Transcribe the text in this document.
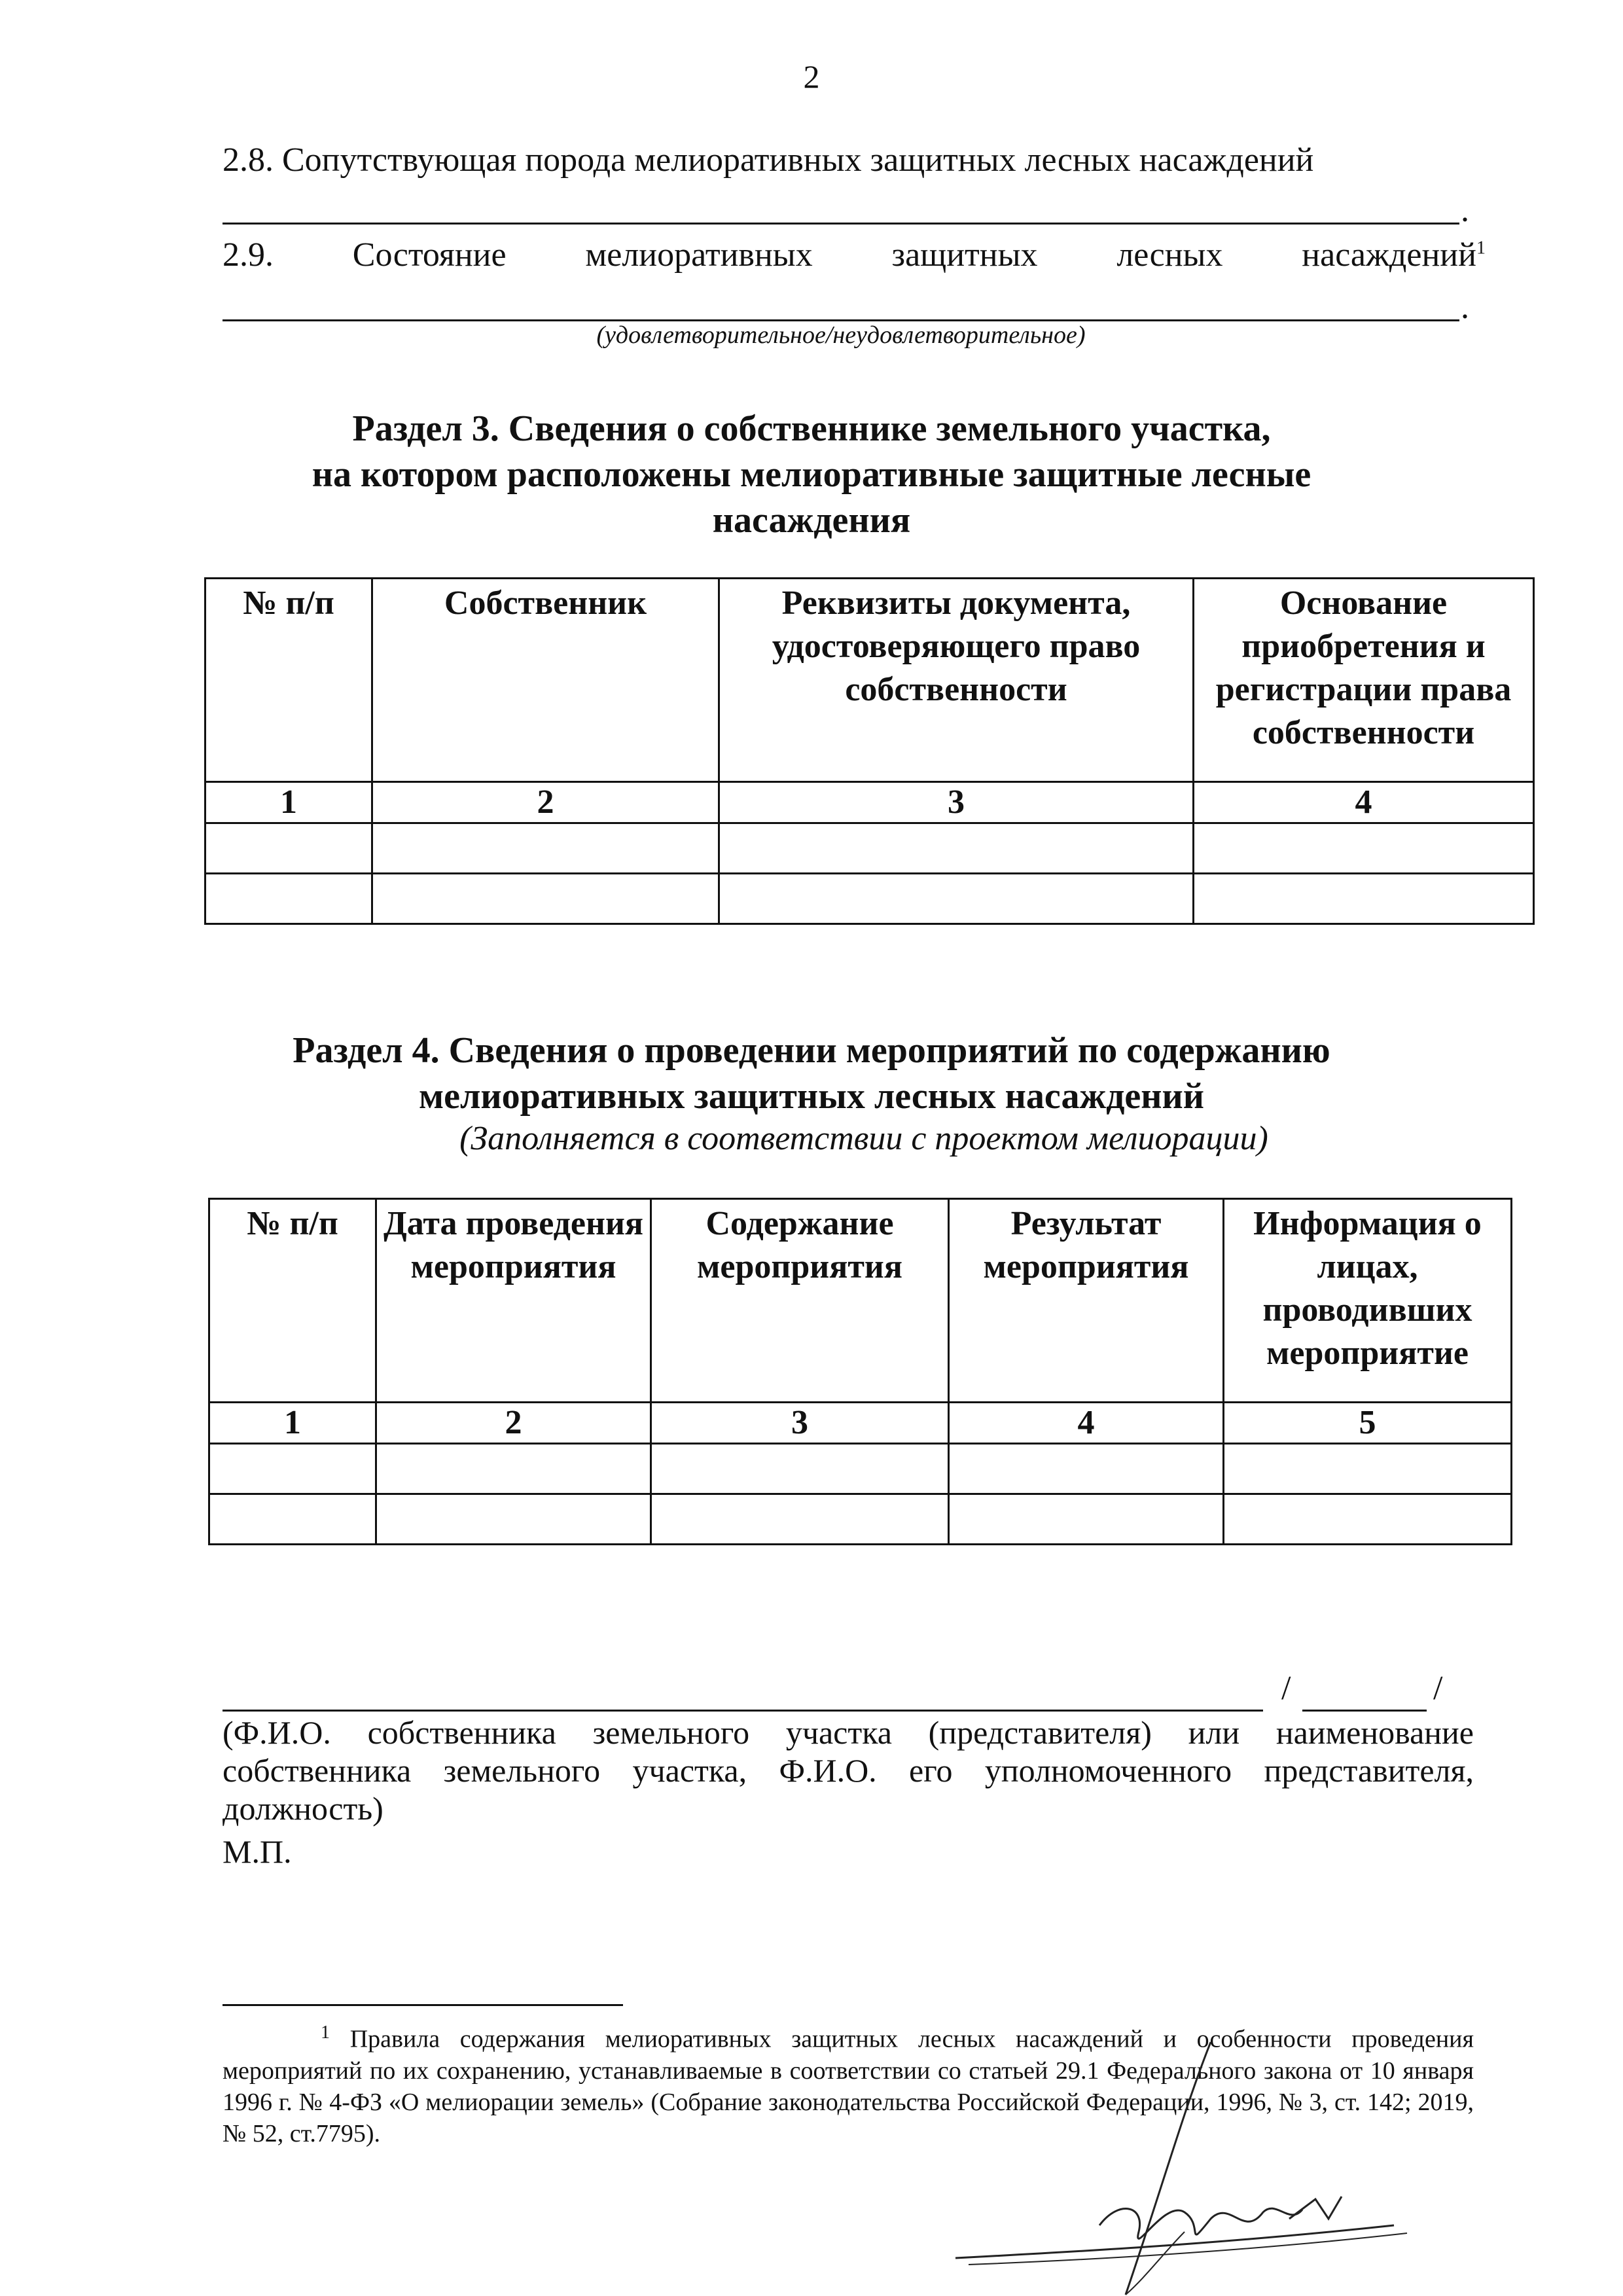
2
2.8. Сопутствующая порода мелиоративных защитных лесных насаждений
.
2.9. Состояние мелиоративных защитных лесных насаждений$^1$
.
(удовлетворительное/неудовлетворительное)
Раздел 3. Сведения о собственнике земельного участка,
на котором расположены мелиоративные защитные лесные
насаждения
№ п/п	Собственник	Реквизиты документа, удостоверяющего право собственности	Основание приобретения и регистрации права собственности
1	2	3	4

Раздел 4. Сведения о проведении мероприятий по содержанию
мелиоративных защитных лесных насаждений
(Заполняется в соответствии с проектом мелиорации)
№ п/п	Дата проведения мероприятия	Содержание мероприятия	Результат мероприятия	Информация о лицах, проводивших мероприятие
1	2	3	4	5

/	/
(Ф.И.О. собственника земельного участка (представителя) или наименование собственника земельного участка, Ф.И.О. его уполномоченного представителя, должность)
М.П.
$^1$ Правила содержания мелиоративных защитных лесных насаждений и особенности проведения мероприятий по их сохранению, устанавливаемые в соответствии со статьей 29.1 Федерального закона от 10 января 1996 г. № 4-ФЗ «О мелиорации земель» (Собрание законодательства Российской Федерации, 1996, № 3, ст. 142; 2019, № 52, ст.7795).
